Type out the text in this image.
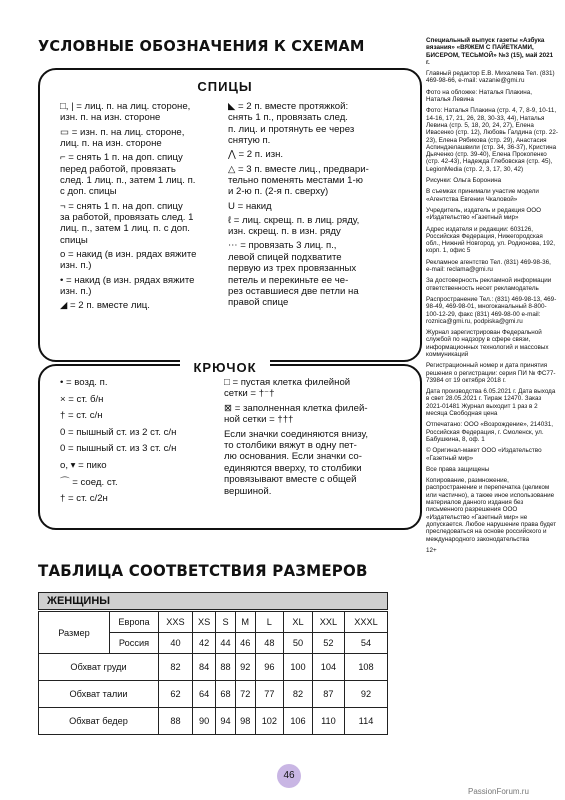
УСЛОВНЫЕ ОБОЗНАЧЕНИЯ К СХЕМАМ
СПИЦЫ
□, | = лиц. п. на лиц. стороне,
изн. п. на изн. стороне
▭ = изн. п. на лиц. стороне,
лиц. п. на изн. стороне
⌐ = снять 1 п. на доп. спицу
перед работой, провязать
след. 1 лиц. п., затем 1 лиц. п.
с доп. спицы
¬ = снять 1 п. на доп. спицу
за работой, провязать след. 1
лиц. п., затем 1 лиц. п. с доп.
спицы
o = накид (в изн. рядах вяжите
изн. п.)
• = накид (в изн. рядах вяжите
изн. п.)
◢ = 2 п. вместе лиц.
◣ = 2 п. вместе протяжкой:
снять 1 п., провязать след.
п. лиц. и протянуть ее через
снятую п.
⋀ = 2 п. изн.
△ = 3 п. вместе лиц., предвари-
тельно поменять местами 1-ю
и 2-ю п. (2-я п. сверху)
U = накид
ℓ = лиц. скрещ. п. в лиц. ряду,
изн. скрещ. п. в изн. ряду
⋯ = провязать 3 лиц. п.,
левой спицей подхватите
первую из трех провязанных
петель и перекиньте ее че-
рез оставшиеся две петли на
правой спице
КРЮЧОК
• = возд. п.
× = ст. б/н
† = ст. с/н
0 = пышный ст. из 2 ст. с/н
0 = пышный ст. из 3 ст. с/н
o, ▾ = пико
⌒ = соед. ст.
† = ст. с/2н
□ = пустая клетка филейной
сетки = †⁻†
⊠ = заполненная клетка филей-
ной сетки = †††
Если значки соединяются внизу,
то столбики вяжут в одну пет-
лю основания. Если значки со-
единяются вверху, то столбики
провязывают вместе с общей
вершиной.
ТАБЛИЦА СООТВЕТСТВИЯ РАЗМЕРОВ
ЖЕНЩИНЫ
Размер	Европа	XXS	XS	S	M	L	XL	XXL	XXXL
	Россия	40	42	44	46	48	50	52	54
Обхват груди		82	84	88	92	96	100	104	108
Обхват талии		62	64	68	72	77	82	87	92
Обхват бедер		88	90	94	98	102	106	110	114
Специальный выпуск газеты «Азбука вязания» «ВЯЖЕМ С ПАЙЕТКАМИ, БИСЕРОМ, ТЕСЬМОЙ» №3 (15), май 2021 г.
Главный редактор Е.В. Михалева Тел. (831) 469-98-66, e-mail: vazanie@gmi.ru
Фото на обложке: Наталья Плакина, Наталья Левина
Фото: Наталья Плакина (стр. 4, 7, 8-9, 10-11, 14-16, 17, 21, 26, 28, 30-33, 44), Наталья Левина (стр. 5, 18, 20, 24, 27), Елена Ивасенко (стр. 12), Любовь Галдина (стр. 22-23), Елена Рябикова (стр. 29), Анастасия Аспиндзелашвили (стр. 34, 36-37), Кристина Дьяченко (стр. 39-40), Елена Прокопенко (стр. 42-43), Надежда Глебовская (стр. 45), LegionMedia (стр. 2, 3, 17, 30, 42)
Рисунки: Ольга Боронина
В съемках принимали участие модели «Агентства Евгении Чкаловой»
Учредитель, издатель и редакция ООО «Издательство «Газетный мир»
Адрес издателя и редакции: 603126, Российская Федерация, Нижегородская обл., Нижний Новгород, ул. Родионова, 192, корп. 1, офис 5
Рекламное агентство Тел. (831) 469-98-36, e-mail: reclama@gmi.ru
За достоверность рекламной информации ответственность несет рекламодатель
Распространение Тел.: (831) 469-98-13, 469-98-49, 469-98-01, многоканальный 8-800-100-12-29, факс (831) 469-98-00 e-mail: roznica@gmi.ru, podpiska@gmi.ru
Журнал зарегистрирован Федеральной службой по надзору в сфере связи, информационных технологий и массовых коммуникаций
Регистрационный номер и дата принятия решения о регистрации: серия ПИ № ФС77-73984 от 19 октября 2018 г.
Дата производства 6.05.2021 г. Дата выхода в свет 28.05.2021 г. Тираж 12470. Заказ 2021-01481 Журнал выходит 1 раз в 2 месяца Свободная цена
Отпечатано: ООО «Возрождение», 214031, Российская Федерация, г. Смоленск, ул. Бабушкина, 8, оф. 1
© Оригинал-макет ООО «Издательство «Газетный мир»
Все права защищены
Копирование, размножение, распространение и перепечатка (целиком или частично), а также иное использование материалов данного издания без письменного разрешения ООО «Издательство «Газетный мир» не допускается. Любое нарушение права будет преследоваться на основе российского и международного законодательства
12+
46
PassionForum.ru
